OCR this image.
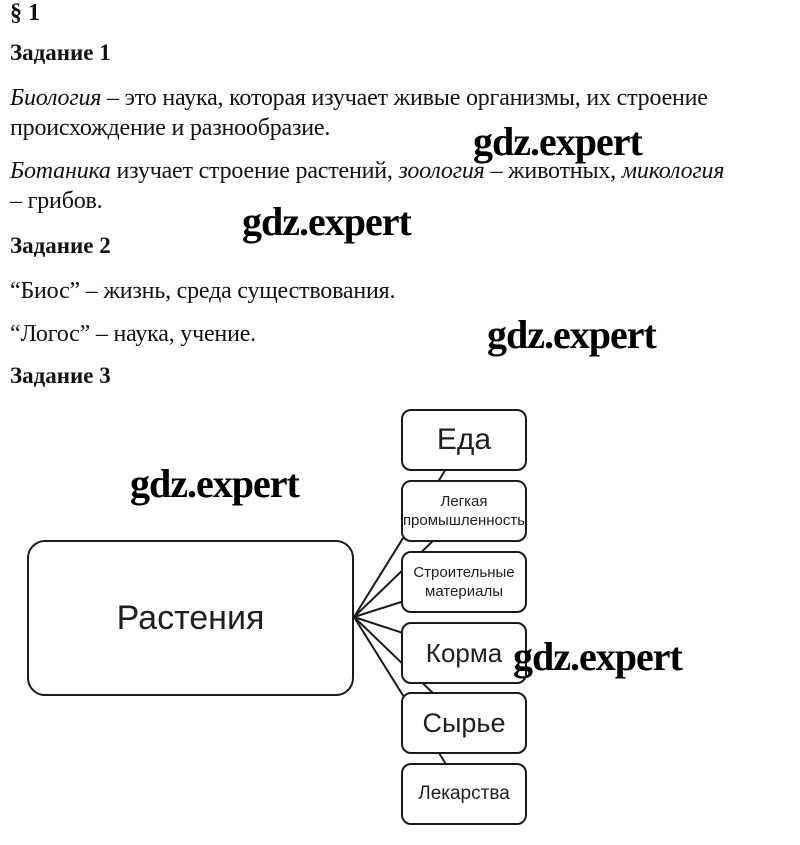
§ 1
Задание 1
Биология – это наука, которая изучает живые организмы, их строение
происхождение и разнообразие.
Ботаника изучает строение растений, зоология – животных, микология
– грибов.
Задание 2
“Биос” – жизнь, среда существования.
“Логос” – наука, учение.
Задание 3
Растения
Еда
Легкая промышленность
Строительные материалы
Корма
Сырье
Лекарства
gdz.expert
gdz.expert
gdz.expert
gdz.expert
gdz.expert
